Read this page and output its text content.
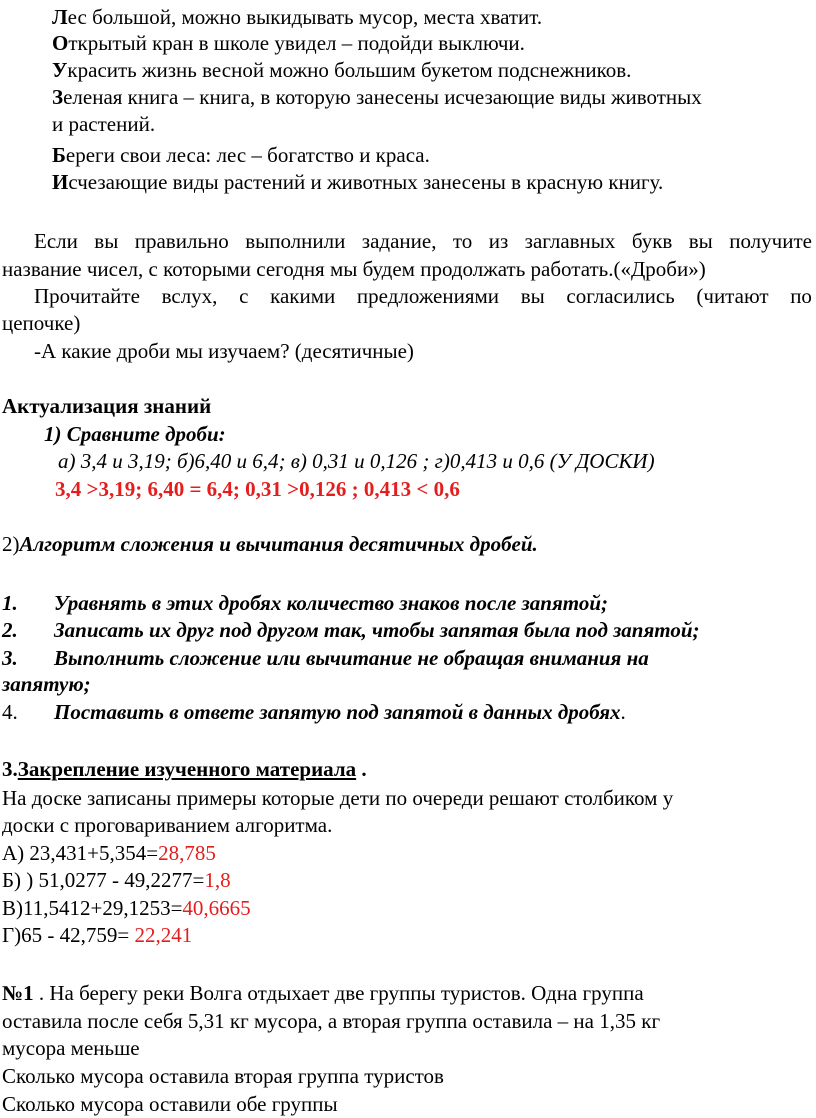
Лес большой, можно выкидывать мусор, места хватит.
Открытый кран в школе увидел – подойди выключи.
Украсить жизнь весной можно большим букетом подснежников.
Зеленая книга – книга, в которую занесены исчезающие виды животных
и растений.
Береги свои леса: лес – богатство и краса.
Исчезающие виды растений и животных занесены в красную книгу.
Если вы правильно выполнили задание, то из заглавных букв вы получите
название чисел, с которыми сегодня мы будем продолжать работать.(«Дроби»)
Прочитайте вслух, с какими предложениями вы согласились (читают по
цепочке)
-А какие дроби мы изучаем? (десятичные)
Актуализация знаний
1) Сравните дроби:
а) 3,4 и 3,19; б)6,40 и 6,4; в) 0,31 и 0,126 ; г)0,413 и 0,6 (У ДОСКИ)
3,4 >3,19; 6,40 = 6,4; 0,31 >0,126 ; 0,413 < 0,6
2)Алгоритм сложения и вычитания десятичных дробей.
1. Уравнять в этих дробях количество знаков после запятой;
2. Записать их друг под другом так, чтобы запятая была под запятой;
3. Выполнить сложение или вычитание не обращая внимания на
запятую;
4. Поставить в ответе запятую под запятой в данных дробях.
3.Закрепление изученного материала .
На доске записаны примеры которые дети по очереди решают столбиком у
доски с проговариванием алгоритма.
А) 23,431+5,354=28,785
Б) ) 51,0277 - 49,2277=1,8
В)11,5412+29,1253=40,6665
Г)65 - 42,759= 22,241
№1 . На берегу реки Волга отдыхает две группы туристов. Одна группа
оставила после себя 5,31 кг мусора, а вторая группа оставила – на 1,35 кг
мусора меньше
Сколько мусора оставила вторая группа туристов
Сколько мусора оставили обе группы
